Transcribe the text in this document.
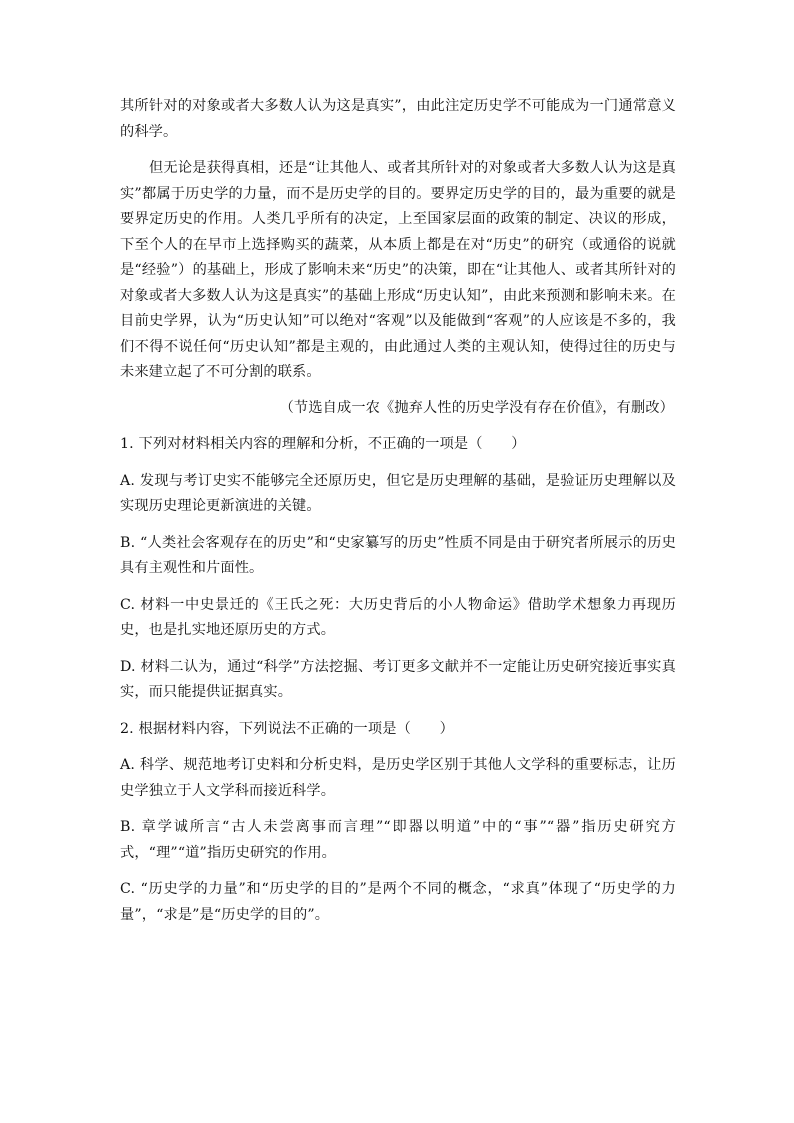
其所针对的对象或者大多数人认为这是真实”，由此注定历史学不可能成为一门通常意义的科学。

但无论是获得真相，还是“让其他人、或者其所针对的对象或者大多数人认为这是真实”都属于历史学的力量，而不是历史学的目的。要界定历史学的目的，最为重要的就是要界定历史的作用。人类几乎所有的决定，上至国家层面的政策的制定、决议的形成，下至个人的在早市上选择购买的蔬菜，从本质上都是在对“历史”的研究（或通俗的说就是“经验”）的基础上，形成了影响未来“历史”的决策，即在“让其他人、或者其所针对的对象或者大多数人认为这是真实”的基础上形成“历史认知”，由此来预测和影响未来。在目前史学界，认为“历史认知”可以绝对“客观”以及能做到“客观”的人应该是不多的，我们不得不说任何“历史认知”都是主观的，由此通过人类的主观认知，使得过往的历史与未来建立起了不可分割的联系。

（节选自成一农《抛弃人性的历史学没有存在价值》，有删改）

1. 下列对材料相关内容的理解和分析，不正确的一项是（　　）

A. 发现与考订史实不能够完全还原历史，但它是历史理解的基础，是验证历史理解以及实现历史理论更新演进的关键。

B. “人类社会客观存在的历史”和“史家纂写的历史”性质不同是由于研究者所展示的历史具有主观性和片面性。

C. 材料一中史景迁的《王氏之死：大历史背后的小人物命运》借助学术想象力再现历史，也是扎实地还原历史的方式。

D. 材料二认为，通过“科学”方法挖掘、考订更多文献并不一定能让历史研究接近事实真实，而只能提供证据真实。

2. 根据材料内容，下列说法不正确的一项是（　　）

A. 科学、规范地考订史料和分析史料，是历史学区别于其他人文学科的重要标志，让历史学独立于人文学科而接近科学。

B. 章学诚所言“古人未尝离事而言理”“即器以明道”中的“事”“器”指历史研究方式，“理”“道”指历史研究的作用。

C. “历史学的力量”和“历史学的目的”是两个不同的概念，“求真”体现了“历史学的力量”，“求是”是“历史学的目的”。
